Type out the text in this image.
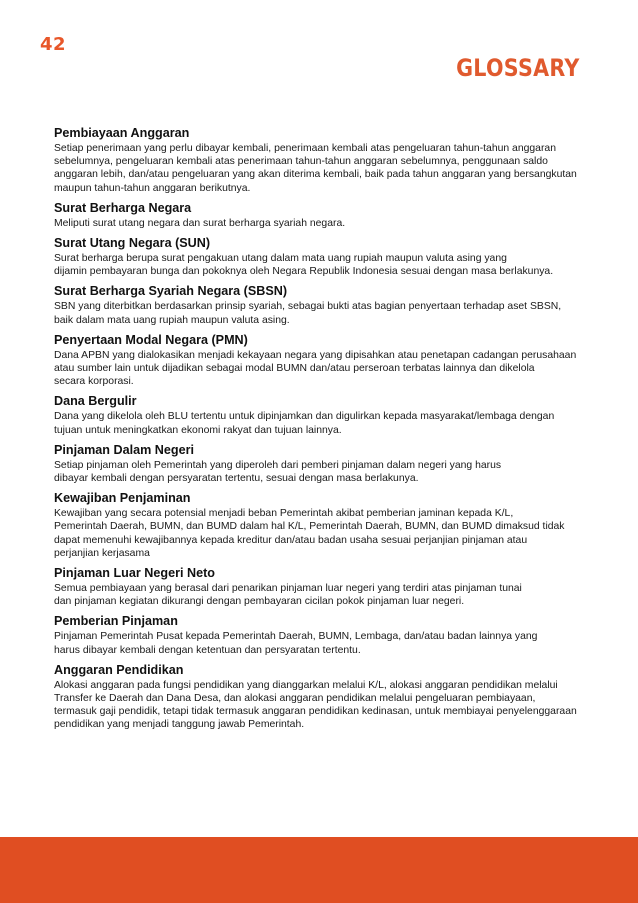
42
GLOSSARY
Pembiayaan Anggaran
Setiap penerimaan yang perlu dibayar kembali, penerimaan kembali atas pengeluaran tahun-tahun anggaran
sebelumnya, pengeluaran kembali atas penerimaan tahun-tahun anggaran sebelumnya, penggunaan saldo
anggaran lebih, dan/atau pengeluaran yang akan diterima kembali, baik pada tahun anggaran yang bersangkutan
maupun tahun-tahun anggaran berikutnya.
Surat Berharga Negara
Meliputi surat utang negara dan surat berharga syariah negara.
Surat Utang Negara (SUN)
Surat berharga berupa surat pengakuan utang dalam mata uang rupiah maupun valuta asing yang
dijamin pembayaran bunga dan pokoknya oleh Negara Republik Indonesia sesuai dengan masa berlakunya.
Surat Berharga Syariah Negara (SBSN)
SBN yang diterbitkan berdasarkan prinsip syariah, sebagai bukti atas bagian penyertaan terhadap aset SBSN,
baik dalam mata uang rupiah maupun valuta asing.
Penyertaan Modal Negara (PMN)
Dana APBN yang dialokasikan menjadi kekayaan negara yang dipisahkan atau penetapan cadangan perusahaan
atau sumber lain untuk dijadikan sebagai modal BUMN dan/atau perseroan terbatas lainnya dan dikelola
secara korporasi.
Dana Bergulir
Dana yang dikelola oleh BLU tertentu untuk dipinjamkan dan digulirkan kepada masyarakat/lembaga dengan
tujuan untuk meningkatkan ekonomi rakyat dan tujuan lainnya.
Pinjaman Dalam Negeri
Setiap pinjaman oleh Pemerintah yang diperoleh dari pemberi pinjaman dalam negeri yang harus
dibayar kembali dengan persyaratan tertentu, sesuai dengan masa berlakunya.
Kewajiban Penjaminan
Kewajiban yang secara potensial menjadi beban Pemerintah akibat pemberian jaminan kepada K/L,
Pemerintah Daerah, BUMN, dan BUMD dalam hal K/L, Pemerintah Daerah, BUMN, dan BUMD dimaksud tidak
dapat memenuhi kewajibannya kepada kreditur dan/atau badan usaha sesuai perjanjian pinjaman atau
perjanjian kerjasama
Pinjaman Luar Negeri Neto
Semua pembiayaan yang berasal dari penarikan pinjaman luar negeri yang terdiri atas pinjaman tunai
dan pinjaman kegiatan dikurangi dengan pembayaran cicilan pokok pinjaman luar negeri.
Pemberian Pinjaman
Pinjaman Pemerintah Pusat kepada Pemerintah Daerah, BUMN, Lembaga, dan/atau badan lainnya yang
harus dibayar kembali dengan ketentuan dan persyaratan tertentu.
Anggaran Pendidikan
Alokasi anggaran pada fungsi pendidikan yang dianggarkan melalui K/L, alokasi anggaran pendidikan melalui
Transfer ke Daerah dan Dana Desa, dan alokasi anggaran pendidikan melalui pengeluaran pembiayaan,
termasuk gaji pendidik, tetapi tidak termasuk anggaran pendidikan kedinasan, untuk membiayai penyelenggaraan
pendidikan yang menjadi tanggung jawab Pemerintah.
